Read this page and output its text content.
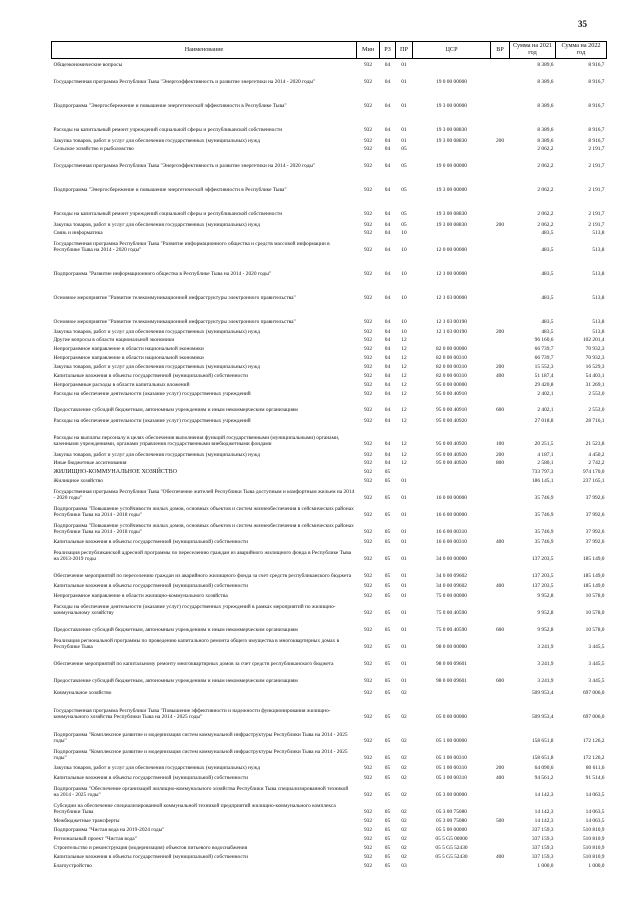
35
Наименование	Мин	РЗ	ПР	ЦСР	ВР	Сумма на 2021 год	Сумма на 2022 год
Общеэкономические вопросы	932	04	01			8 389,6	8 916,7
Государственная программа Республики Тыва "Энергоэффективность и развитие энергетики на 2014 - 2020 годы"	932	04	01	19 0 00 00000		8 389,6	8 916,7
Подпрограмма "Энергосбережение и повышение энергетической эффективности в Республике Тыва"	932	04	01	19 3 00 00000		8 389,6	8 916,7
Расходы на капитальный ремонт учреждений социальной сферы и республиканской собственности	932	04	01	19 3 00 08830		8 389,6	8 916,7
Закупка товаров, работ и услуг для обеспечения государственных (муниципальных) нужд	932	04	01	19 3 00 08830	200	8 389,6	8 916,7
Сельское хозяйство и рыболовство	932	04	05			2 062,2	2 191,7
Государственная программа Республики Тыва "Энергоэффективность и развитие энергетики на 2014 - 2020 годы"	932	04	05	19 0 00 00000		2 062,2	2 191,7
Подпрограмма "Энергосбережение и повышение энергетической эффективности в Республике Тыва"	932	04	05	19 3 00 00000		2 062,2	2 191,7
Расходы на капитальный ремонт учреждений социальной сферы и республиканской собственности	932	04	05	19 3 00 08830		2 062,2	2 191,7
Закупка товаров, работ и услуг для обеспечения государственных (муниципальных) нужд	932	04	05	19 3 00 08830	200	2 062,2	2 191,7
Связь и информатика	932	04	10			483,5	513,8
Государственная программа Республики Тыва "Развитие информационного общества и средств массовой информации в Республике Тыва на 2014 - 2020 годы"	932	04	10	12 0 00 00000		483,5	513,8
Подпрограмма "Развитие информационного общества в Республике Тыва на 2014 - 2020 годы"	932	04	10	12 1 00 00000		483,5	513,8
Основное мероприятие "Развитие телекоммуникационной инфраструктуры электронного правительства"	932	04	10	12 1 03 00000		483,5	513,8
Основное мероприятие "Развитие телекоммуникационной инфраструктуры электронного правительства"	932	04	10	12 1 03 00190		483,5	513,8
Закупка товаров, работ и услуг для обеспечения государственных (муниципальных) нужд	932	04	10	12 1 03 00190	200	483,5	513,8
Другие вопросы в области национальной экономики	932	04	12			96 160,6	102 201,4
Непрограммное направление в области национальной экономики	932	04	12	82 0 00 00000		66 739,7	70 932,3
Непрограммное направление в области национальной экономики	932	04	12	82 0 00 00310		66 739,7	70 932,3
Закупка товаров, работ и услуг для обеспечения государственных (муниципальных) нужд	932	04	12	82 0 00 00310	200	15 552,3	16 529,3
Капитальные вложения в объекты государственной (муниципальной) собственности	932	04	12	82 0 00 00310	400	51 187,4	54 403,1
Непрограммные расходы в области капитальных вложений	932	04	12	95 0 00 00000		29 420,8	31 269,1
Расходы на обеспечение деятельности (оказание услуг) государственных учреждений	932	04	12	95 0 00 40910		2 402,1	2 553,0
Предоставление субсидий бюджетным, автономным учреждениям и иным некоммерческим организациям	932	04	12	95 0 00 40910	600	2 402,1	2 553,0
Расходы на обеспечение деятельности (оказание услуг) государственных учреждений	932	04	12	95 0 00 40920		27 018,8	28 716,1
Расходы на выплаты персоналу в целях обеспечения выполнения функций государственными (муниципальными) органами, казенными учреждениями, органами управления государственными внебюджетными фондами	932	04	12	95 0 00 40920	100	20 251,5	21 523,8
Закупка товаров, работ и услуг для обеспечения государственных (муниципальных) нужд	932	04	12	95 0 00 40920	200	4 187,1	4 450,2
Иные бюджетные ассигнования	932	04	12	95 0 00 40920	800	2 580,1	2 742,2
ЖИЛИЩНО-КОММУНАЛЬНОЕ ХОЗЯЙСТВО	932	05				733 797,3	974 170,0
Жилищное хозяйство	932	05	01			186 145,1	237 165,1
Государственная программа Республики Тыва "Обеспечение жителей Республики Тыва доступным и комфортным жильем на 2014 - 2020 годы"	932	05	01	16 0 00 00000		35 746,9	37 992,6
Подпрограмма "Повышение устойчивости жилых домов, основных объектов и систем жизнеобеспечения в сейсмических районах Республики Тыва на 2014 - 2018 годы"	932	05	01	16 6 00 00000		35 746,9	37 992,6
Подпрограмма "Повышение устойчивости жилых домов, основных объектов и систем жизнеобеспечения в сейсмических районах Республики Тыва на 2014 - 2018 годы"	932	05	01	16 6 00 00310		35 746,9	37 992,6
Капитальные вложения в объекты государственной (муниципальной) собственности	932	05	01	16 6 00 00310	400	35 746,9	37 992,6
Реализация республиканской адресной программы по переселению граждан из аварийного жилищного фонда в Республике Тыва на 2013-2019 годы	932	05	01	34 0 00 00000		137 203,5	185 149,0
Обеспечение мероприятий по переселению граждан из аварийного жилищного фонда за счет средств республиканского бюджета	932	05	01	34 0 00 09602		137 203,5	185 149,0
Капитальные вложения в объекты государственной (муниципальной) собственности	932	05	01	34 0 00 09602	400	137 203,5	185 149,0
Непрограммное направление в области жилищно-коммунального хозяйства	932	05	01	75 0 00 00000		9 952,8	10 578,0
Расходы на обеспечение деятельности (оказание услуг) государственных учреждений в рамках мероприятий по жилищно-коммунальному хозяйству	932	05	01	75 0 00 40590		9 952,8	10 578,0
Предоставление субсидий бюджетным, автономным учреждениям и иным некоммерческим организациям	932	05	01	75 0 00 40590	600	9 952,8	10 578,0
Реализация региональной программы по проведению капитального ремонта общего имущества в многоквартирных домах в Республике Тыва	932	05	01	98 0 00 00000		3 241,9	3 445,5
Обеспечение мероприятий по капитальному ремонту многоквартирных домов за счет средств республиканского бюджета	932	05	01	98 0 00 09601		3 241,9	3 445,5
Предоставление субсидий бюджетным, автономным учреждениям и иным некоммерческим организациям	932	05	01	98 0 00 09601	600	3 241,9	3 445,5
Коммунальное хозяйство	932	05	02			509 953,4	697 006,0
Государственная программа Республики Тыва "Повышение эффективности и надежности функционирования жилищно-коммунального хозяйства Республики Тыва на 2014 - 2025 годы"	932	05	02	05 0 00 00000		509 953,4	697 006,0
Подпрограмма "Комплексное развитие и модернизация систем коммунальной инфраструктуры Республики Тыва на 2014 - 2025 годы"	932	05	02	05 1 00 00000		158 651,8	172 126,2
Подпрограмма "Комплексное развитие и модернизация систем коммунальной инфраструктуры Республики Тыва на 2014 - 2025 годы"	932	05	02	05 1 00 00310		158 651,8	172 126,2
Закупка товаров, работ и услуг для обеспечения государственных (муниципальных) нужд	932	05	02	05 1 00 00310	200	64 090,6	80 611,6
Капитальные вложения в объекты государственной (муниципальной) собственности	932	05	02	05 1 00 00310	400	94 561,2	91 514,6
Подпрограмма "Обеспечение организаций жилищно-коммунального хозяйства Республики Тыва специализированной техникой на 2014 - 2025 годы"	932	05	02	05 3 00 00000		14 142,3	14 063,5
Субсидии на обеспечение специализированной коммунальной техникой предприятий жилищно-коммунального комплекса Республики Тыва	932	05	02	05 3 00 75080		14 142,3	14 063,5
Межбюджетные трансферты	932	05	02	05 3 00 75080	500	14 142,3	14 063,5
Подпрограмма "Чистая вода на 2019-2024 годы"	932	05	02	05 5 00 00000		337 159,3	510 810,9
Региональный проект "Чистая вода"	932	05	02	05 5 G5 00000		337 159,3	510 810,9
Строительство и реконструкция (модернизация) объектов питьевого водоснабжения	932	05	02	05 5 G5 52430		337 159,3	510 810,9
Капитальные вложения в объекты государственной (муниципальной) собственности	932	05	02	05 5 G5 52430	400	337 159,3	510 810,9
Благоустройство	932	05	03			1 000,0	1 000,0
